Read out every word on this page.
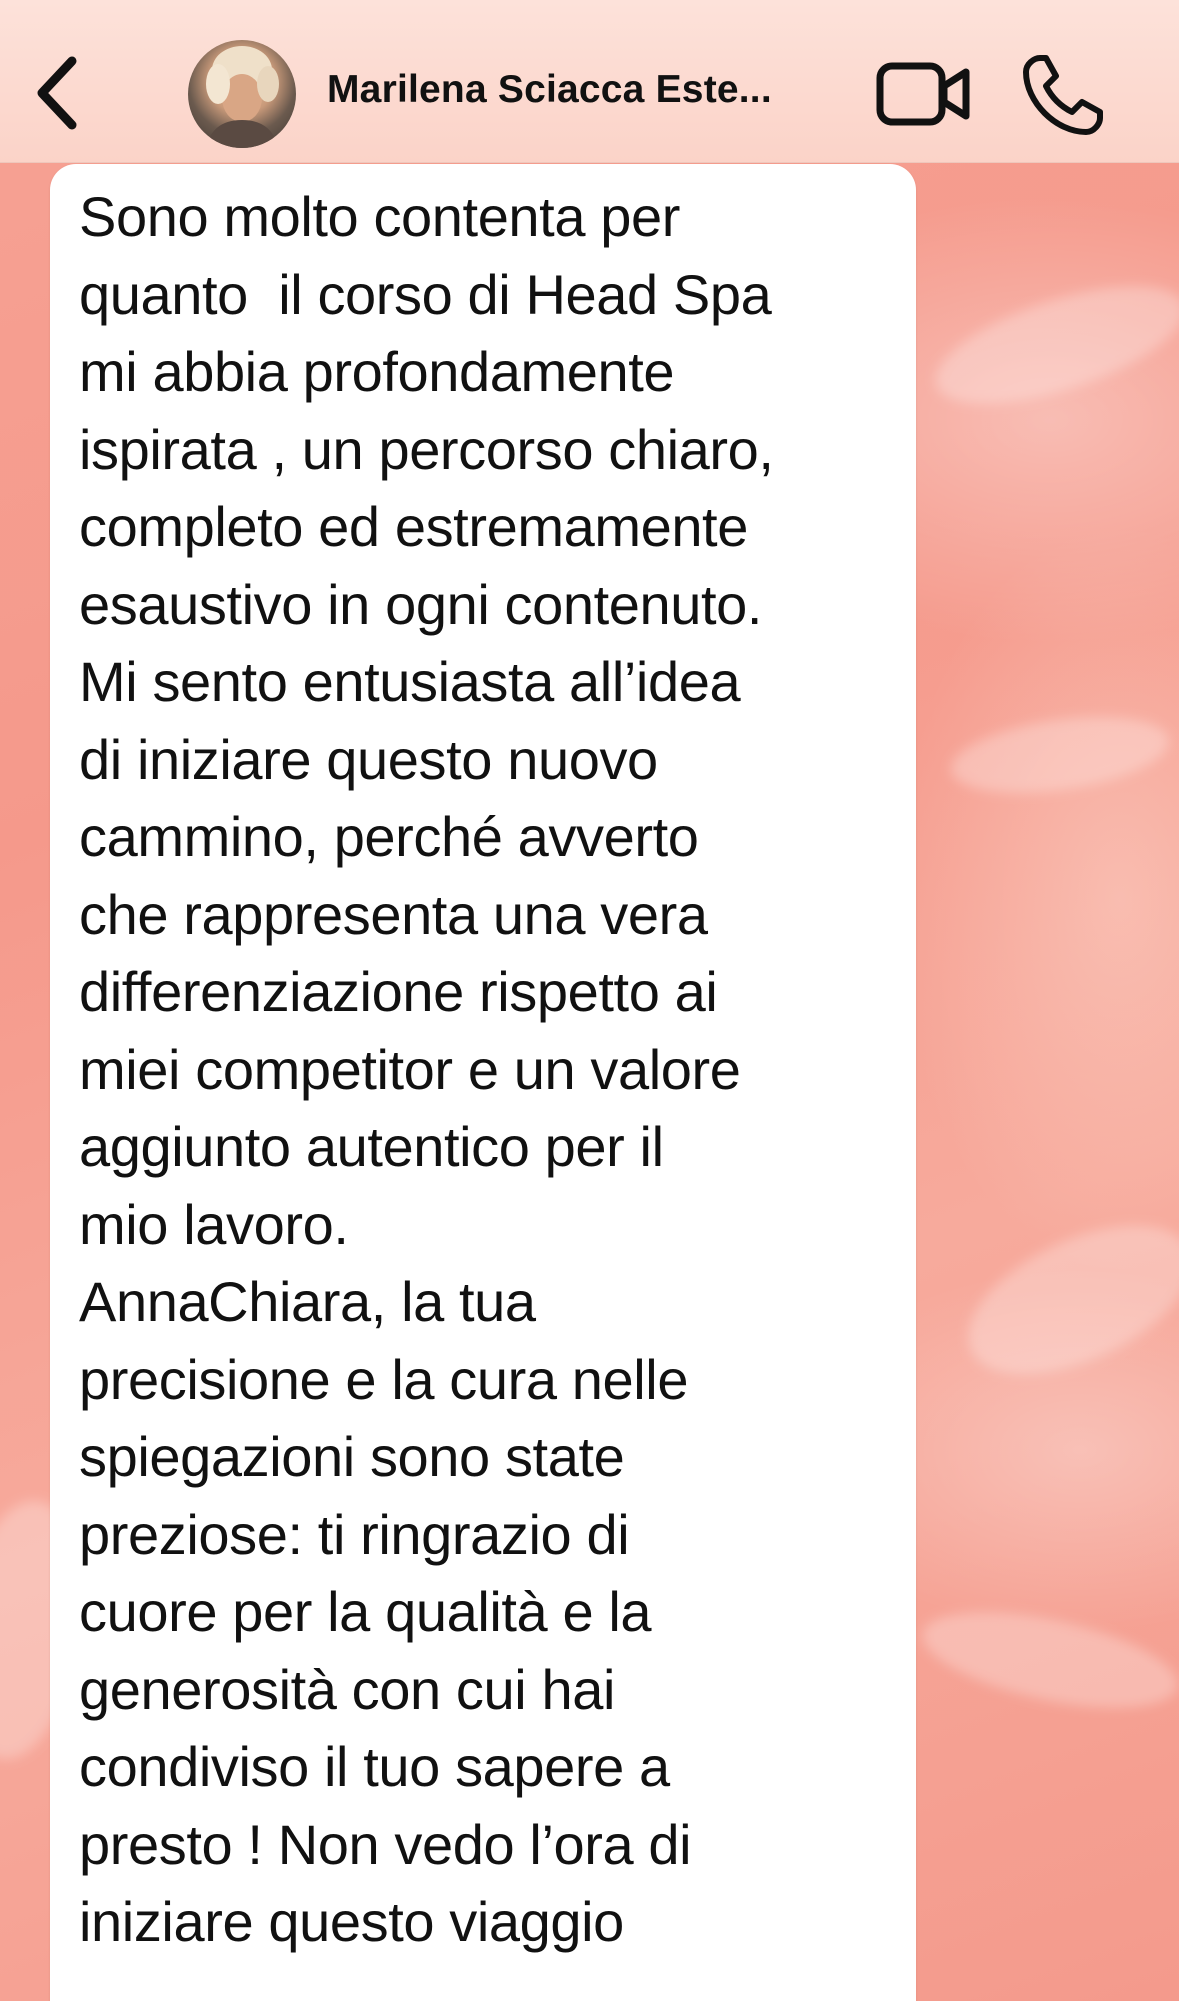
Marilena Sciacca Este...

Sono molto contenta per
quanto  il corso di Head Spa
mi abbia profondamente
ispirata , un percorso chiaro,
completo ed estremamente
esaustivo in ogni contenuto.
Mi sento entusiasta all’idea
di iniziare questo nuovo
cammino, perché avverto
che rappresenta una vera
differenziazione rispetto ai
miei competitor e un valore
aggiunto autentico per il
mio lavoro.
AnnaChiara, la tua
precisione e la cura nelle
spiegazioni sono state
preziose: ti ringrazio di
cuore per la qualità e la
generosità con cui hai
condiviso il tuo sapere a
presto ! Non vedo l’ora di
iniziare questo viaggio
